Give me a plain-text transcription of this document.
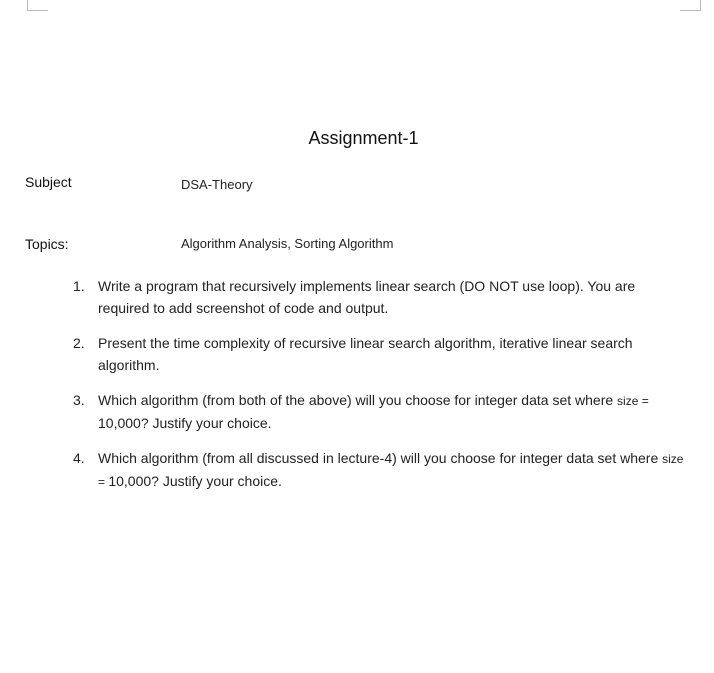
Assignment-1
Subject	DSA-Theory
Topics:	Algorithm Analysis, Sorting Algorithm
1. Write a program that recursively implements linear search (DO NOT use loop). You are required to add screenshot of code and output.
2. Present the time complexity of recursive linear search algorithm, iterative linear search algorithm.
3. Which algorithm (from both of the above) will you choose for integer data set where size = 10,000? Justify your choice.
4. Which algorithm (from all discussed in lecture-4) will you choose for integer data set where size = 10,000? Justify your choice.
